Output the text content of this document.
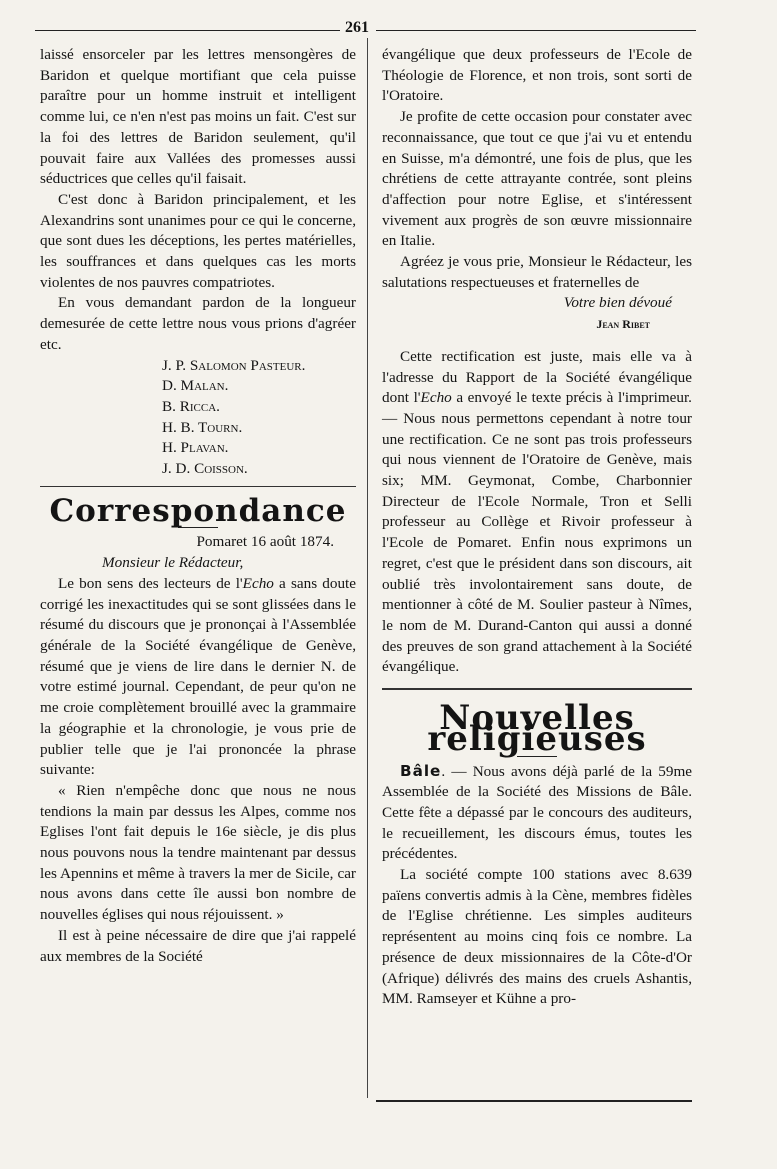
261

laissé ensorceler par les lettres mensongères de Baridon et quelque mortifiant que cela puisse paraître pour un homme instruit et intelligent comme lui, ce n'en n'est pas moins un fait. C'est sur la foi des lettres de Baridon seulement, qu'il pouvait faire aux Vallées des promesses aussi séductrices que celles qu'il faisait.

C'est donc à Baridon principalement, et les Alexandrins sont unanimes pour ce qui le concerne, que sont dues les déceptions, les pertes matérielles, les souffrances et dans quelques cas les morts violentes de nos pauvres compatriotes.

En vous demandant pardon de la longueur demesurée de cette lettre nous vous prions d'agréer etc.

J. P. Salomon Pasteur.
D. Malan.
B. Ricca.
H. B. Tourn.
H. Plavan.
J. D. Coisson.
Correspondance
Pomaret 16 août 1874.
Monsieur le Rédacteur,

Le bon sens des lecteurs de l'Echo a sans doute corrigé les inexactitudes qui se sont glissées dans le résumé du discours que je prononçai à l'Assemblée générale de la Société évangélique de Genève, résumé que je viens de lire dans le dernier N. de votre estimé journal. Cependant, de peur qu'on ne me croie complètement brouillé avec la grammaire la géographie et la chronologie, je vous prie de publier telle que je l'ai prononcée la phrase suivante:

« Rien n'empêche donc que nous ne nous tendions la main par dessus les Alpes, comme nos Eglises l'ont fait depuis le 16e siècle, je dis plus nous pouvons nous la tendre maintenant par dessus les Apennins et même à travers la mer de Sicile, car nous avons dans cette île aussi bon nombre de nouvelles églises qui nous réjouissent. »

Il est à peine nécessaire de dire que j'ai rappelé aux membres de la Société

évangélique que deux professeurs de l'Ecole de Théologie de Florence, et non trois, sont sorti de l'Oratoire.

Je profite de cette occasion pour constater avec reconnaissance, que tout ce que j'ai vu et entendu en Suisse, m'a démontré, une fois de plus, que les chrétiens de cette attrayante contrée, sont pleins d'affection pour notre Eglise, et s'intéressent vivement aux progrès de son œuvre missionnaire en Italie.

Agréez je vous prie, Monsieur le Rédacteur, les salutations respectueuses et fraternelles de

Votre bien dévoué
Jean Ribet

Cette rectification est juste, mais elle va à l'adresse du Rapport de la Société évangélique dont l'Echo a envoyé le texte précis à l'imprimeur. — Nous nous permettons cependant à notre tour une rectification. Ce ne sont pas trois professeurs qui nous viennent de l'Oratoire de Genève, mais six; MM. Geymonat, Combe, Charbonnier Directeur de l'Ecole Normale, Tron et Selli professeur au Collège et Rivoir professeur à l'Ecole de Pomaret. Enfin nous exprimons un regret, c'est que le président dans son discours, ait oublié très involontairement sans doute, de mentionner à côté de M. Soulier pasteur à Nîmes, le nom de M. Durand-Canton qui aussi a donné des preuves de son grand attachement à la Société évangélique.

Nouvelles religieuses

Bâle. — Nous avons déjà parlé de la 59me Assemblée de la Société des Missions de Bâle. Cette fête a dépassé par le concours des auditeurs, le recueillement, les discours émus, toutes les précédentes.

La société compte 100 stations avec 8.639 païens convertis admis à la Cène, membres fidèles de l'Eglise chrétienne. Les simples auditeurs représentent au moins cinq fois ce nombre. La présence de deux missionnaires de la Côte-d'Or (Afrique) délivrés des mains des cruels Ashantis, MM. Ramseyer et Kühne a pro-
